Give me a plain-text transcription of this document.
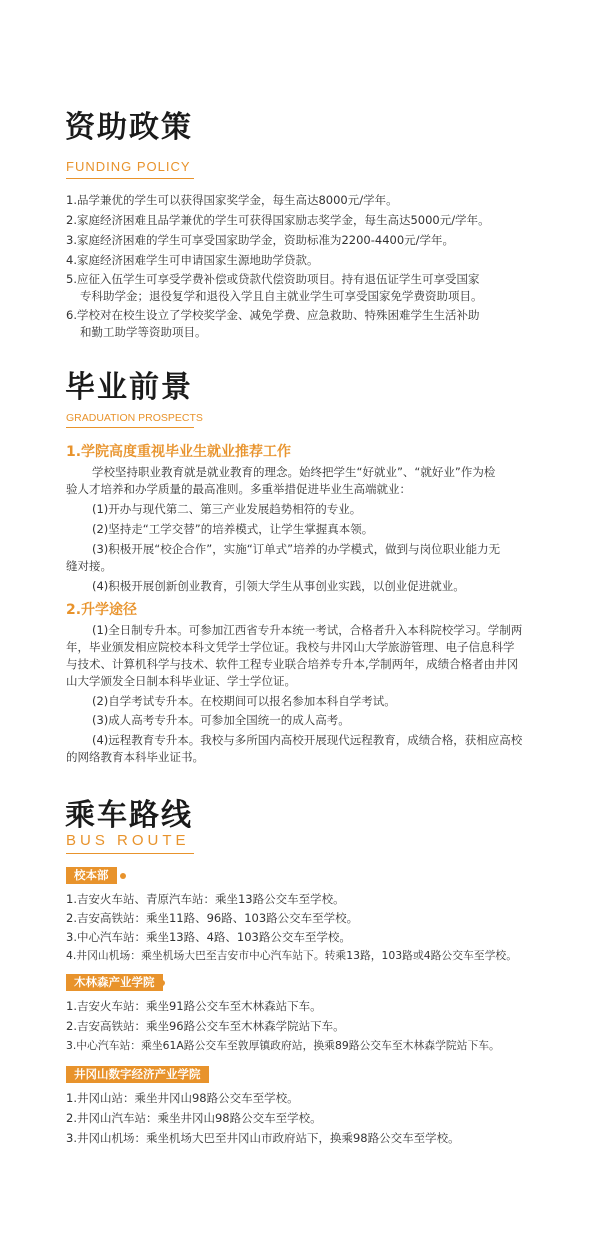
资助政策
FUNDING POLICY
1.品学兼优的学生可以获得国家奖学金，每生高达8000元/学年。
2.家庭经济困难且品学兼优的学生可获得国家励志奖学金，每生高达5000元/学年。
3.家庭经济困难的学生可享受国家助学金，资助标准为2200-4400元/学年。
4.家庭经济困难学生可申请国家生源地助学贷款。
5.应征入伍学生可享受学费补偿或贷款代偿资助项目。持有退伍证学生可享受国家
专科助学金；退役复学和退役入学且自主就业学生可享受国家免学费资助项目。
6.学校对在校生设立了学校奖学金、减免学费、应急救助、特殊困难学生生活补助
和勤工助学等资助项目。
毕业前景
GRADUATION PROSPECTS
1.学院高度重视毕业生就业推荐工作
学校坚持职业教育就是就业教育的理念。始终把学生“好就业”、“就好业”作为检
验人才培养和办学质量的最高准则。多重举措促进毕业生高端就业：
(1)开办与现代第二、第三产业发展趋势相符的专业。
(2)坚持走“工学交替”的培养模式，让学生掌握真本领。
(3)积极开展“校企合作”，实施“订单式”培养的办学模式，做到与岗位职业能力无
缝对接。
(4)积极开展创新创业教育，引领大学生从事创业实践，以创业促进就业。
2.升学途径
(1)全日制专升本。可参加江西省专升本统一考试，合格者升入本科院校学习。学制两
年，毕业颁发相应院校本科文凭学士学位证。我校与井冈山大学旅游管理、电子信息科学
与技术、计算机科学与技术、软件工程专业联合培养专升本,学制两年，成绩合格者由井冈
山大学颁发全日制本科毕业证、学士学位证。
(2)自学考试专升本。在校期间可以报名参加本科自学考试。
(3)成人高考专升本。可参加全国统一的成人高考。
(4)远程教育专升本。我校与多所国内高校开展现代远程教育，成绩合格，获相应高校
的网络教育本科毕业证书。
乘车路线
BUS ROUTE
校本部
1.吉安火车站、青原汽车站：乘坐13路公交车至学校。
2.吉安高铁站：乘坐11路、96路、103路公交车至学校。
3.中心汽车站：乘坐13路、4路、103路公交车至学校。
4.井冈山机场：乘坐机场大巴至吉安市中心汽车站下。转乘13路，103路或4路公交车至学校。
木林森产业学院
1.吉安火车站：乘坐91路公交车至木林森站下车。
2.吉安高铁站：乘坐96路公交车至木林森学院站下车。
3.中心汽车站：乘坐61A路公交车至敦厚镇政府站，换乘89路公交车至木林森学院站下车。
井冈山数字经济产业学院
1.井冈山站：乘坐井冈山98路公交车至学校。
2.井冈山汽车站：乘坐井冈山98路公交车至学校。
3.井冈山机场：乘坐机场大巴至井冈山市政府站下，换乘98路公交车至学校。
